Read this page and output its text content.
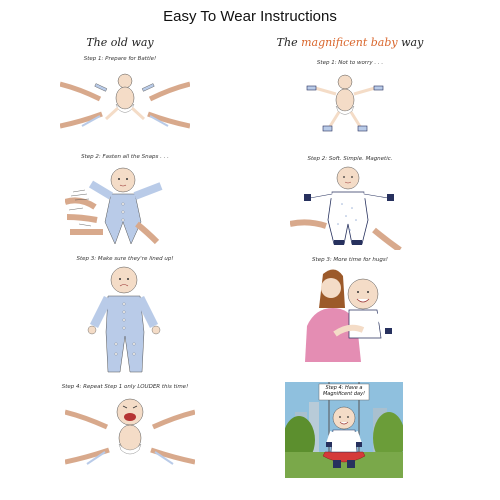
Easy To Wear Instructions
The old way	The magnificent baby way
Step 1: Prepare for Battle!
Step 2: Fasten all the Snaps . . .
Step 3: Make sure they're lined up!
Step 4: Repeat Step 1 only LOUDER this time!
Step 1: Not to worry . . .
Step 2: Soft. Simple. Magnetic.
Step 3: More time for hugs!
Step 4: Have a Magnificent day!
